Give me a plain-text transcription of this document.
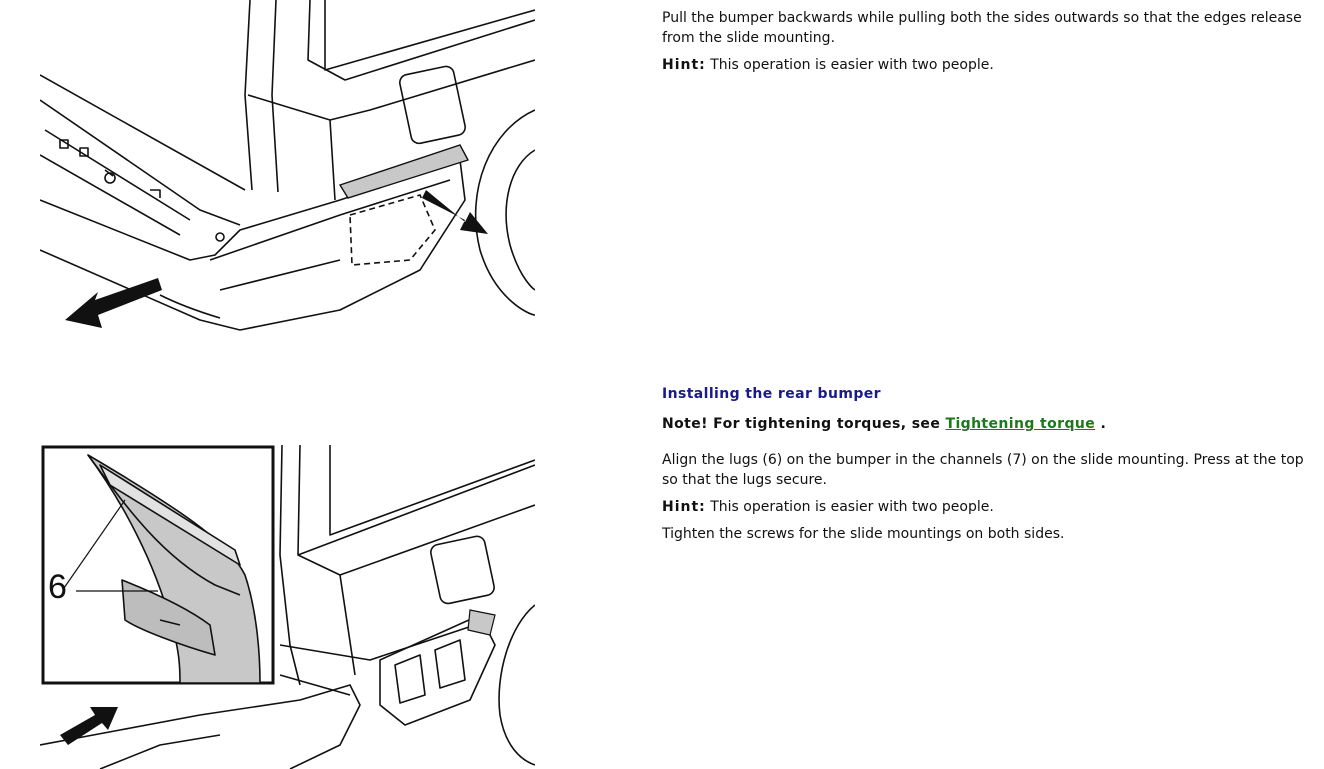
6

Pull the bumper backwards while pulling both the sides outwards so that the edges release from the slide mounting.

Hint: This operation is easier with two people.

Installing the rear bumper

Note! For tightening torques, see Tightening torque .

Align the lugs (6) on the bumper in the channels (7) on the slide mounting. Press at the top so that the lugs secure.

Hint: This operation is easier with two people.

Tighten the screws for the slide mountings on both sides.
